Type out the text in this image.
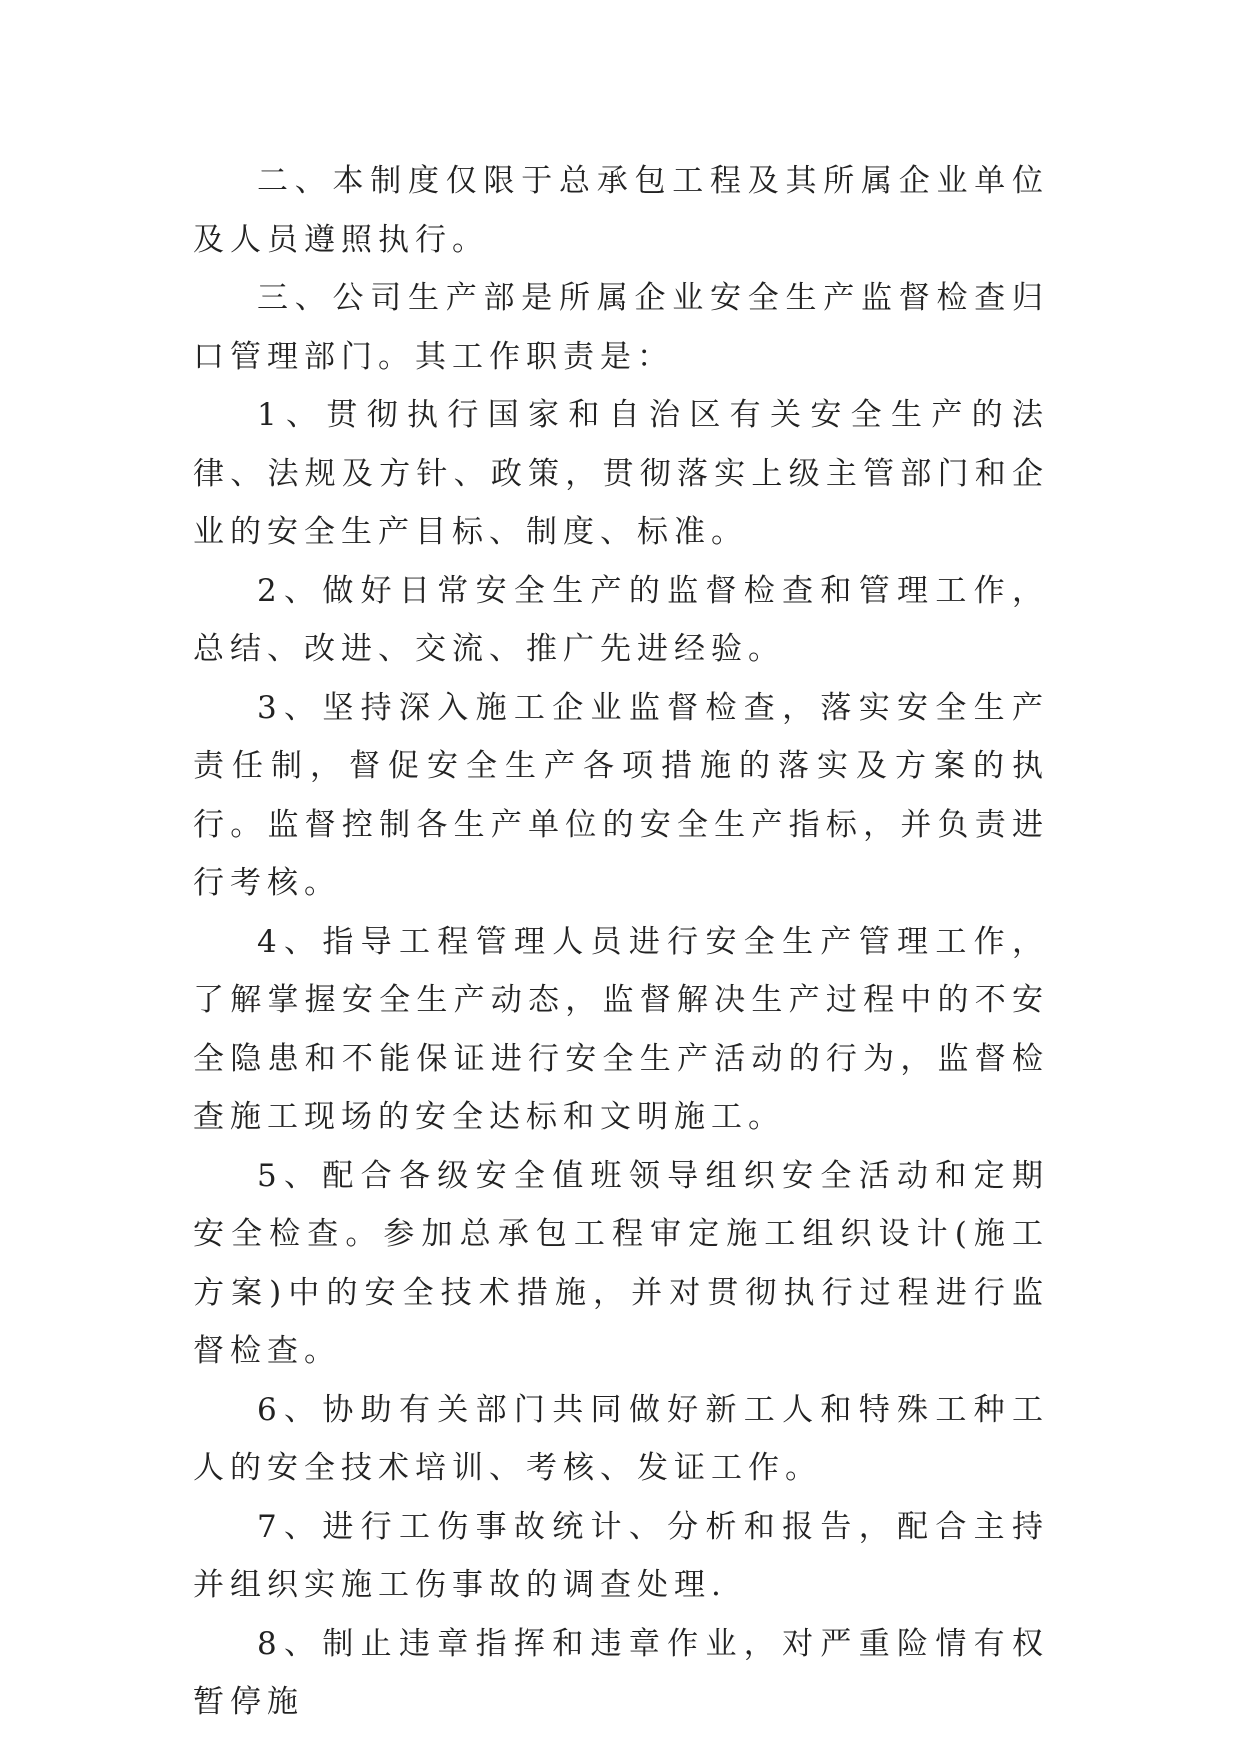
二、本制度仅限于总承包工程及其所属企业单位及人员遵照执行。

三、公司生产部是所属企业安全生产监督检查归口管理部门。其工作职责是：

1、贯彻执行国家和自治区有关安全生产的法律、法规及方针、政策，贯彻落实上级主管部门和企业的安全生产目标、制度、标准。

2、做好日常安全生产的监督检查和管理工作，总结、改进、交流、推广先进经验。

3、坚持深入施工企业监督检查，落实安全生产责任制，督促安全生产各项措施的落实及方案的执行。监督控制各生产单位的安全生产指标，并负责进行考核。

4、指导工程管理人员进行安全生产管理工作，了解掌握安全生产动态，监督解决生产过程中的不安全隐患和不能保证进行安全生产活动的行为，监督检查施工现场的安全达标和文明施工。

5、配合各级安全值班领导组织安全活动和定期安全检查。参加总承包工程审定施工组织设计(施工方案)中的安全技术措施，并对贯彻执行过程进行监督检查。

6、协助有关部门共同做好新工人和特殊工种工人的安全技术培训、考核、发证工作。

7、进行工伤事故统计、分析和报告，配合主持并组织实施工伤事故的调查处理.

8、制止违章指挥和违章作业，对严重险情有权暂停施
